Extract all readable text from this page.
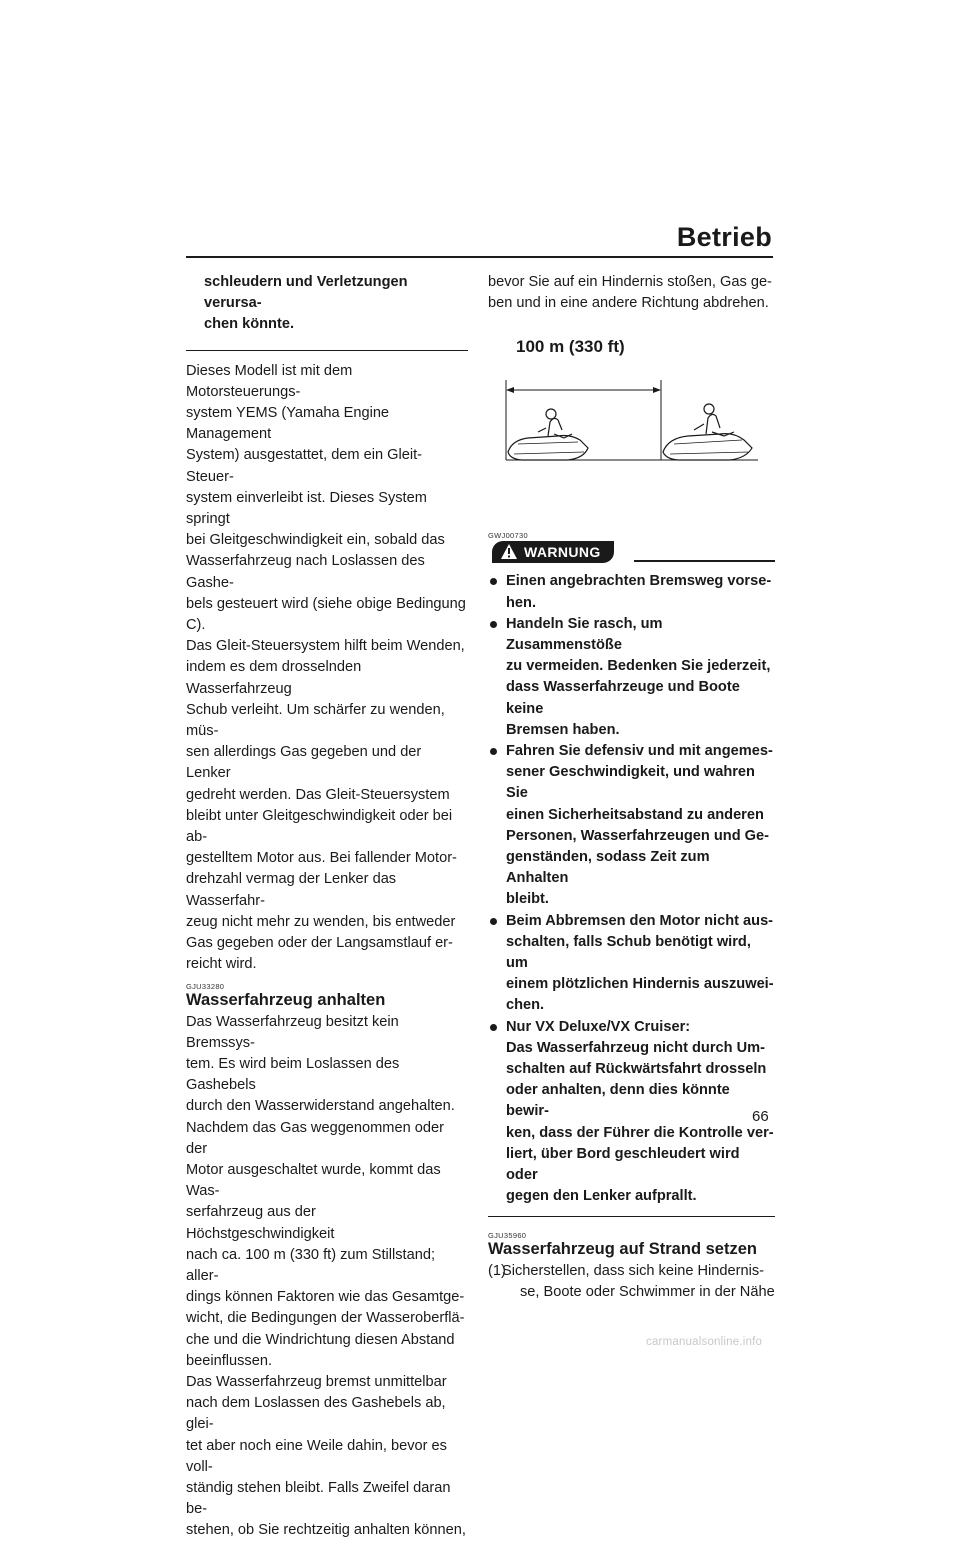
Betrieb

schleudern und Verletzungen verursa-

chen könnte.

Dieses Modell ist mit dem Motorsteuerungs-

system YEMS (Yamaha Engine Management

System) ausgestattet, dem ein Gleit-Steuer-

system einverleibt ist. Dieses System springt

bei Gleitgeschwindigkeit ein, sobald das

Wasserfahrzeug nach Loslassen des Gashe-

bels gesteuert wird (siehe obige Bedingung

C).

Das Gleit-Steuersystem hilft beim Wenden,

indem es dem drosselnden Wasserfahrzeug

Schub verleiht. Um schärfer zu wenden, müs-

sen allerdings Gas gegeben und der Lenker

gedreht werden. Das Gleit-Steuersystem

bleibt unter Gleitgeschwindigkeit oder bei ab-

gestelltem Motor aus. Bei fallender Motor-

drehzahl vermag der Lenker das Wasserfahr-

zeug nicht mehr zu wenden, bis entweder

Gas gegeben oder der Langsamstlauf er-

reicht wird.

GJU33280
Wasserfahrzeug anhalten

Das Wasserfahrzeug besitzt kein Bremssys-

tem. Es wird beim Loslassen des Gashebels

durch den Wasserwiderstand angehalten.

Nachdem das Gas weggenommen oder der

Motor ausgeschaltet wurde, kommt das Was-

serfahrzeug aus der Höchstgeschwindigkeit

nach ca. 100 m (330 ft) zum Stillstand; aller-

dings können Faktoren wie das Gesamtge-

wicht, die Bedingungen der Wasseroberflä-

che und die Windrichtung diesen Abstand

beeinflussen.

Das Wasserfahrzeug bremst unmittelbar

nach dem Loslassen des Gashebels ab, glei-

tet aber noch eine Weile dahin, bevor es voll-

ständig stehen bleibt. Falls Zweifel daran be-

stehen, ob Sie rechtzeitig anhalten können,

bevor Sie auf ein Hindernis stoßen, Gas ge-

ben und in eine andere Richtung abdrehen.

100 m (330 ft)
GWJ00730
WARNUNG

Einen angebrachten Bremsweg vorse-

hen.

Handeln Sie rasch, um Zusammenstöße

zu vermeiden. Bedenken Sie jederzeit,

dass Wasserfahrzeuge und Boote keine

Bremsen haben.

Fahren Sie defensiv und mit angemes-

sener Geschwindigkeit, und wahren Sie

einen Sicherheitsabstand zu anderen

Personen, Wasserfahrzeugen und Ge-

genständen, sodass Zeit zum Anhalten

bleibt.

Beim Abbremsen den Motor nicht aus-

schalten, falls Schub benötigt wird, um

einem plötzlichen Hindernis auszuwei-

chen.

Nur VX Deluxe/VX Cruiser:

Das Wasserfahrzeug nicht durch Um-

schalten auf Rückwärtsfahrt drosseln

oder anhalten, denn dies könnte bewir-

ken, dass der Führer die Kontrolle ver-

liert, über Bord geschleudert wird oder

gegen den Lenker aufprallt.

GJU35960
Wasserfahrzeug auf Strand setzen
(1)

Sicherstellen, dass sich keine Hindernis-

se, Boote oder Schwimmer in der Nähe

66
carmanualsonline.info
